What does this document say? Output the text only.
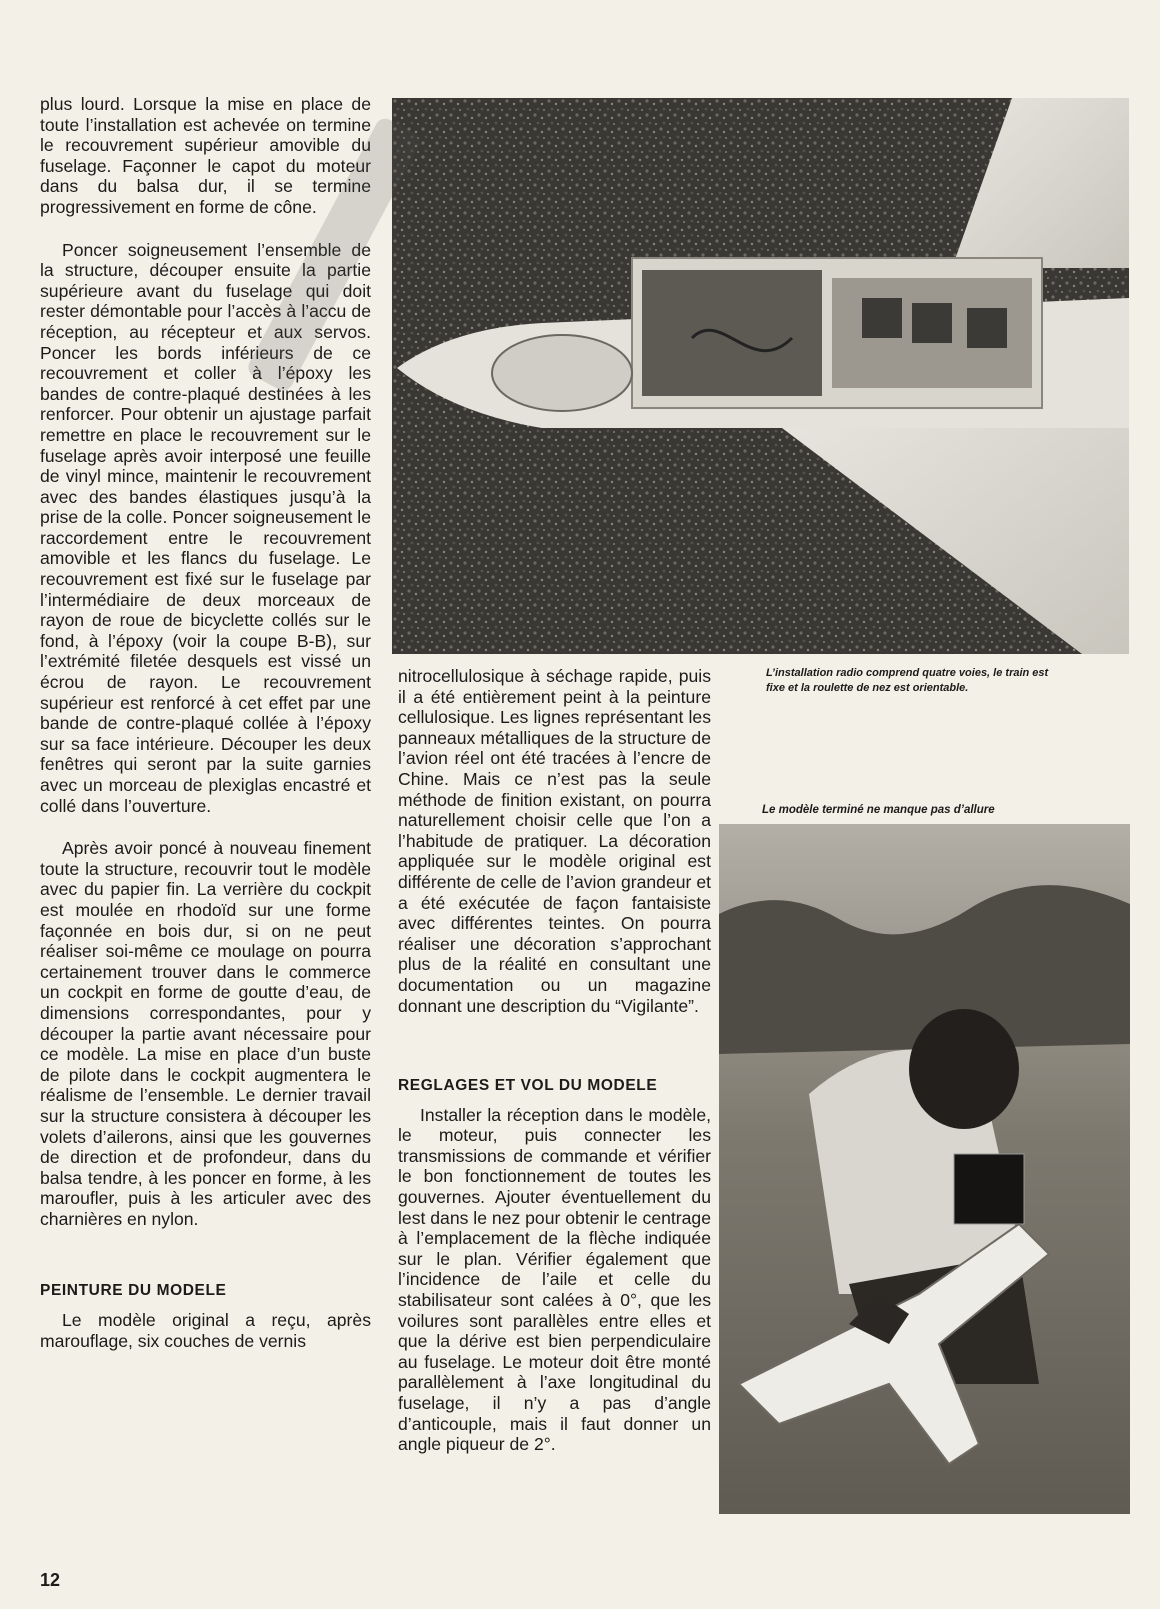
plus lourd. Lorsque la mise en place de toute l’installation est achevée on termine le recouvrement supérieur amovible du fuselage. Façonner le capot du moteur dans du balsa dur, il se termine progressivement en forme de cône.

Poncer soigneusement l’ensemble de la structure, découper ensuite la partie supérieure avant du fuselage qui doit rester démontable pour l’accès à l’accu de réception, au récepteur et aux servos. Poncer les bords inférieurs de ce recouvrement et coller à l’époxy les bandes de contre-plaqué destinées à les renforcer. Pour obtenir un ajustage parfait remettre en place le recouvrement sur le fuselage après avoir interposé une feuille de vinyl mince, maintenir le recouvrement avec des bandes élastiques jusqu’à la prise de la colle. Poncer soigneusement le raccordement entre le recouvrement amovible et les flancs du fuselage. Le recouvrement est fixé sur le fuselage par l’intermédiaire de deux morceaux de rayon de roue de bicyclette collés sur le fond, à l’époxy (voir la coupe B-B), sur l’extrémité filetée desquels est vissé un écrou de rayon. Le recouvrement supérieur est renforcé à cet effet par une bande de contre-plaqué collée à l’époxy sur sa face intérieure. Découper les deux fenêtres qui seront par la suite garnies avec un morceau de plexiglas encastré et collé dans l’ouverture.

Après avoir poncé à nouveau finement toute la structure, recouvrir tout le modèle avec du papier fin. La verrière du cockpit est moulée en rhodoïd sur une forme façonnée en bois dur, si on ne peut réaliser soi-même ce moulage on pourra certainement trouver dans le commerce un cockpit en forme de goutte d’eau, de dimensions correspondantes, pour y découper la partie avant nécessaire pour ce modèle. La mise en place d’un buste de pilote dans le cockpit augmentera le réalisme de l’ensemble. Le dernier travail sur la structure consistera à découper les volets d’ailerons, ainsi que les gouvernes de direction et de profondeur, dans du balsa tendre, à les poncer en forme, à les maroufler, puis à les articuler avec des charnières en nylon.

PEINTURE DU MODELE

Le modèle original a reçu, après marouflage, six couches de vernis

L’installation radio comprend quatre voies, le train est fixe et la roulette de nez est orientable.

nitrocellulosique à séchage rapide, puis il a été entièrement peint à la peinture cellulosique. Les lignes représentant les panneaux métalliques de la structure de l’avion réel ont été tracées à l’encre de Chine. Mais ce n’est pas la seule méthode de finition existant, on pourra naturellement choisir celle que l’on a l’habitude de pratiquer. La décoration appliquée sur le modèle original est différente de celle de l’avion grandeur et a été exécutée de façon fantaisiste avec différentes teintes. On pourra réaliser une décoration s’approchant plus de la réalité en consultant une documentation ou un magazine donnant une description du “Vigilante”.

REGLAGES ET VOL DU MODELE

Installer la réception dans le modèle, le moteur, puis connecter les transmissions de commande et vérifier le bon fonctionnement de toutes les gouvernes. Ajouter éventuellement du lest dans le nez pour obtenir le centrage à l’emplacement de la flèche indiquée sur le plan. Vérifier également que l’incidence de l’aile et celle du stabilisateur sont calées à 0°, que les voilures sont parallèles entre elles et que la dérive est bien perpendiculaire au fuselage. Le moteur doit être monté parallèlement à l’axe longitudinal du fuselage, il n’y a pas d’angle d’anticouple, mais il faut donner un angle piqueur de 2°.

Le modèle terminé ne manque pas d’allure
12
